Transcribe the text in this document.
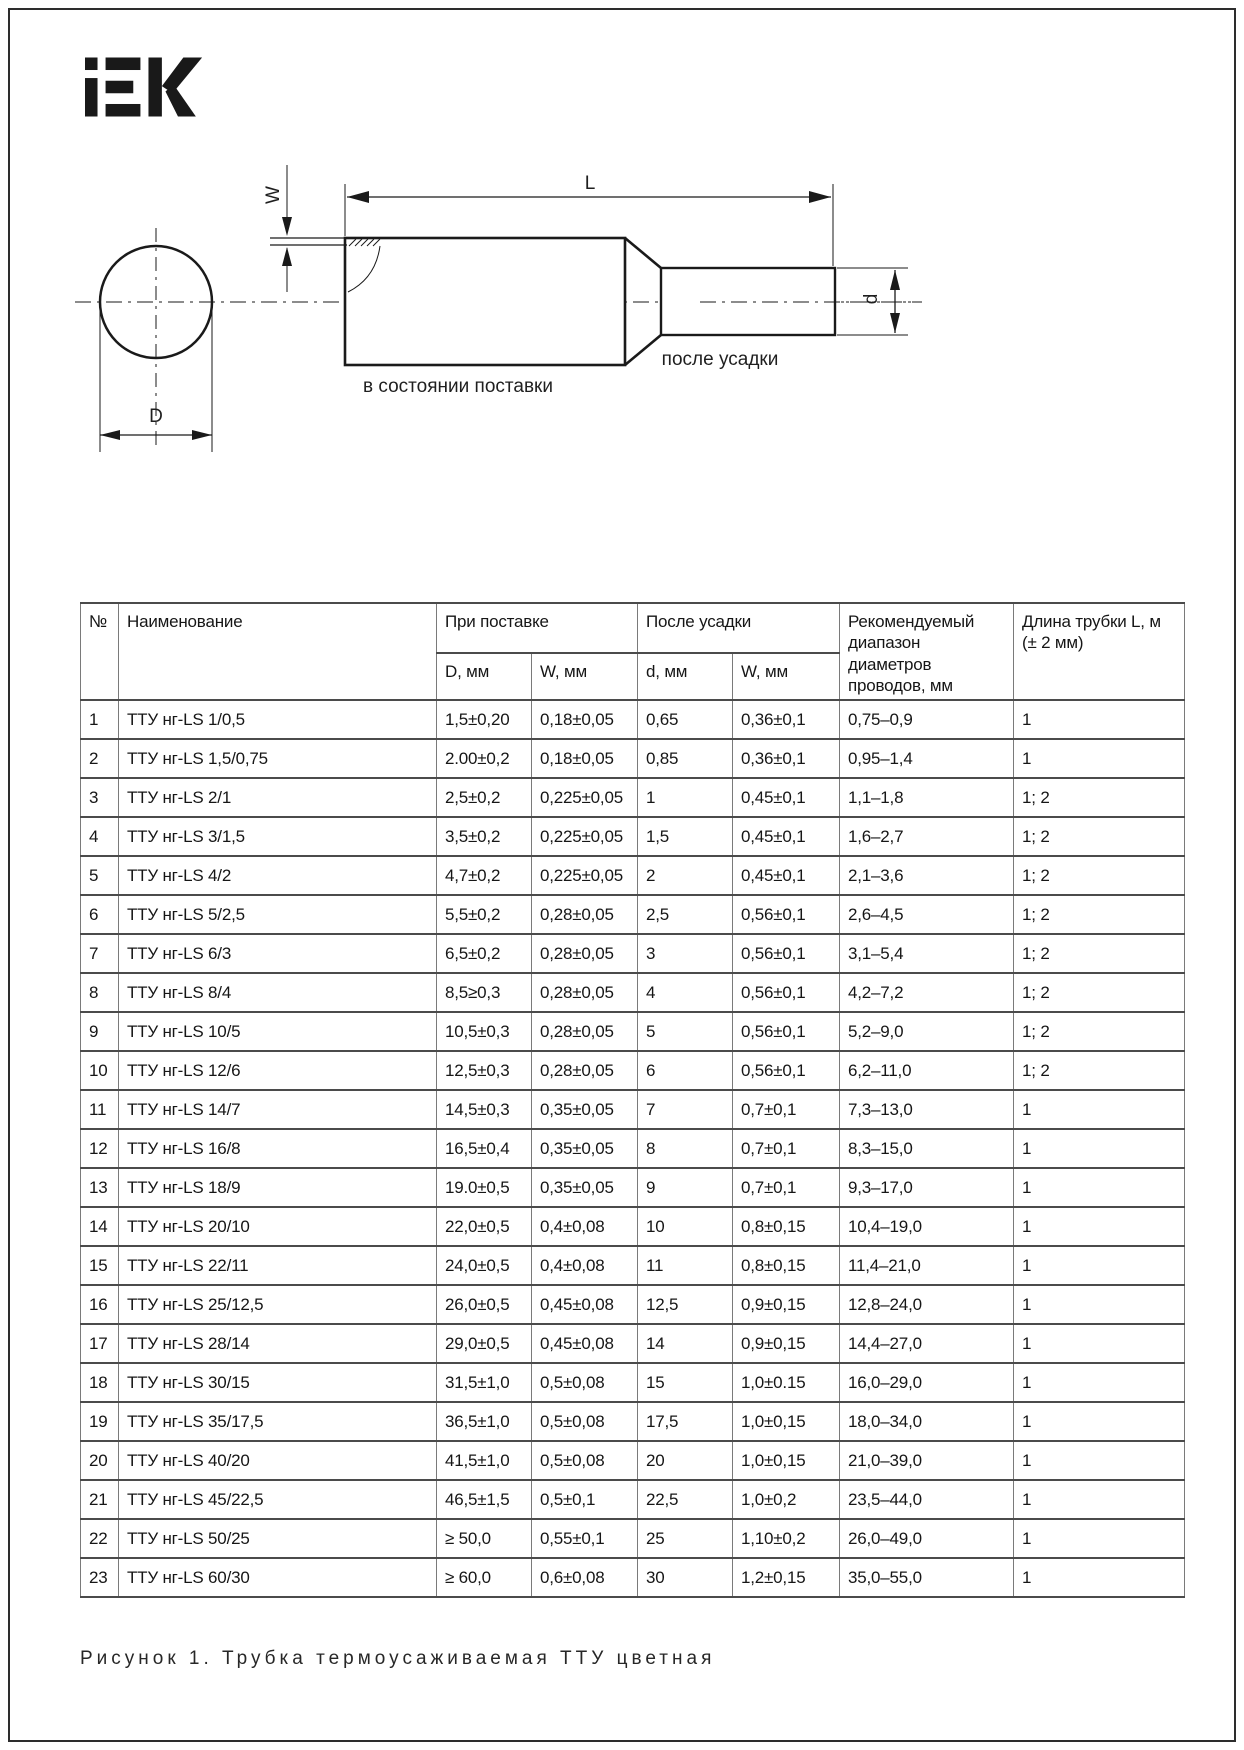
W
L
D
d
после усадки
в состоянии поставки
№	Наименование	При поставке		После усадки		Рекомендуемый диапазон диаметров проводов, мм	Длина трубки L, м (± 2 мм)
		D, мм	W, мм	d, мм	W, мм		
1	ТТУ нг-LS 1/0,5	1,5±0,20	0,18±0,05	0,65	0,36±0,1	0,75–0,9	1
2	ТТУ нг-LS 1,5/0,75	2.00±0,2	0,18±0,05	0,85	0,36±0,1	0,95–1,4	1
3	ТТУ нг-LS 2/1	2,5±0,2	0,225±0,05	1	0,45±0,1	1,1–1,8	1; 2
4	ТТУ нг-LS 3/1,5	3,5±0,2	0,225±0,05	1,5	0,45±0,1	1,6–2,7	1; 2
5	ТТУ нг-LS 4/2	4,7±0,2	0,225±0,05	2	0,45±0,1	2,1–3,6	1; 2
6	ТТУ нг-LS 5/2,5	5,5±0,2	0,28±0,05	2,5	0,56±0,1	2,6–4,5	1; 2
7	ТТУ нг-LS 6/3	6,5±0,2	0,28±0,05	3	0,56±0,1	3,1–5,4	1; 2
8	ТТУ нг-LS 8/4	8,5≥0,3	0,28±0,05	4	0,56±0,1	4,2–7,2	1; 2
9	ТТУ нг-LS 10/5	10,5±0,3	0,28±0,05	5	0,56±0,1	5,2–9,0	1; 2
10	ТТУ нг-LS 12/6	12,5±0,3	0,28±0,05	6	0,56±0,1	6,2–11,0	1; 2
11	ТТУ нг-LS 14/7	14,5±0,3	0,35±0,05	7	0,7±0,1	7,3–13,0	1
12	ТТУ нг-LS 16/8	16,5±0,4	0,35±0,05	8	0,7±0,1	8,3–15,0	1
13	ТТУ нг-LS 18/9	19.0±0,5	0,35±0,05	9	0,7±0,1	9,3–17,0	1
14	ТТУ нг-LS 20/10	22,0±0,5	0,4±0,08	10	0,8±0,15	10,4–19,0	1
15	ТТУ нг-LS 22/11	24,0±0,5	0,4±0,08	11	0,8±0,15	11,4–21,0	1
16	ТТУ нг-LS 25/12,5	26,0±0,5	0,45±0,08	12,5	0,9±0,15	12,8–24,0	1
17	ТТУ нг-LS 28/14	29,0±0,5	0,45±0,08	14	0,9±0,15	14,4–27,0	1
18	ТТУ нг-LS 30/15	31,5±1,0	0,5±0,08	15	1,0±0.15	16,0–29,0	1
19	ТТУ нг-LS 35/17,5	36,5±1,0	0,5±0,08	17,5	1,0±0,15	18,0–34,0	1
20	ТТУ нг-LS 40/20	41,5±1,0	0,5±0,08	20	1,0±0,15	21,0–39,0	1
21	ТТУ нг-LS 45/22,5	46,5±1,5	0,5±0,1	22,5	1,0±0,2	23,5–44,0	1
22	ТТУ нг-LS 50/25	≥ 50,0	0,55±0,1	25	1,10±0,2	26,0–49,0	1
23	ТТУ нг-LS 60/30	≥ 60,0	0,6±0,08	30	1,2±0,15	35,0–55,0	1
Рисунок 1. Трубка термоусаживаемая ТТУ цветная
